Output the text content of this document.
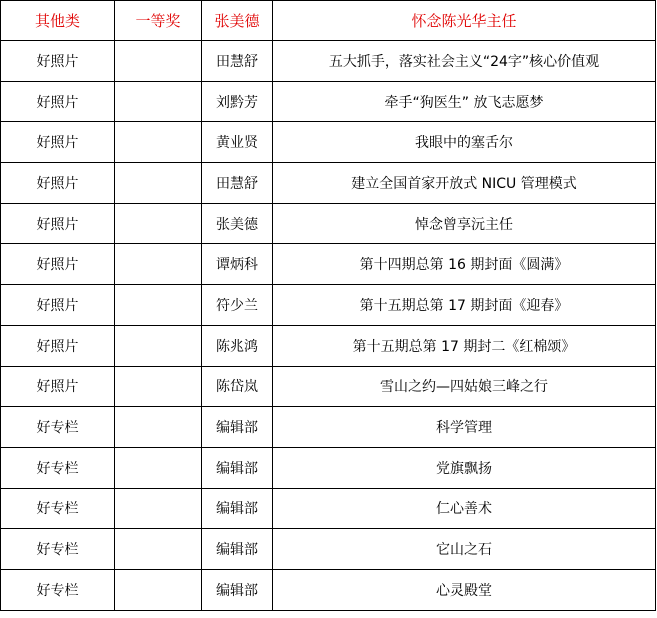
其他类	一等奖	张美德	怀念陈光华主任
好照片		田慧舒	五大抓手，落实社会主义“24字”核心价值观
好照片		刘黔芳	牵手“狗医生” 放飞志愿梦
好照片		黄业贤	我眼中的塞舌尔
好照片		田慧舒	建立全国首家开放式 NICU 管理模式
好照片		张美德	悼念曾享沅主任
好照片		谭炳科	第十四期总第 16 期封面《圆满》
好照片		符少兰	第十五期总第 17 期封面《迎春》
好照片		陈兆鸿	第十五期总第 17 期封二《红棉颂》
好照片		陈岱岚	雪山之约—四姑娘三峰之行
好专栏		编辑部	科学管理
好专栏		编辑部	党旗飘扬
好专栏		编辑部	仁心善术
好专栏		编辑部	它山之石
好专栏		编辑部	心灵殿堂
